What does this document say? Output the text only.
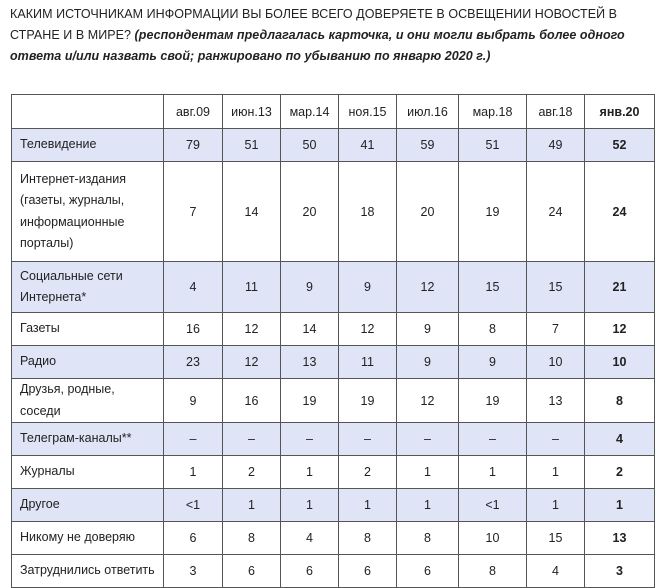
КАКИМ ИСТОЧНИКАМ ИНФОРМАЦИИ ВЫ БОЛЕЕ ВСЕГО ДОВЕРЯЕТЕ В ОСВЕЩЕНИИ НОВОСТЕЙ В СТРАНЕ И В МИРЕ? (респондентам предлагалась карточка, и они могли выбрать более одного ответа и/или назвать свой; ранжировано по убыванию по январю 2020 г.)
	авг.09	июн.13	мар.14	ноя.15	июл.16	мар.18	авг.18	янв.20
Телевидение	79	51	50	41	59	51	49	52
Интернет-издания (газеты, журналы, информационные порталы)	7	14	20	18	20	19	24	24
Социальные сети Интернета*	4	11	9	9	12	15	15	21
Газеты	16	12	14	12	9	8	7	12
Радио	23	12	13	11	9	9	10	10
Друзья, родные, соседи	9	16	19	19	12	19	13	8
Телеграм-каналы**	–	–	–	–	–	–	–	4
Журналы	1	2	1	2	1	1	1	2
Другое	<1	1	1	1	1	<1	1	1
Никому не доверяю	6	8	4	8	8	10	15	13
Затруднились ответить	3	6	6	6	6	8	4	3
